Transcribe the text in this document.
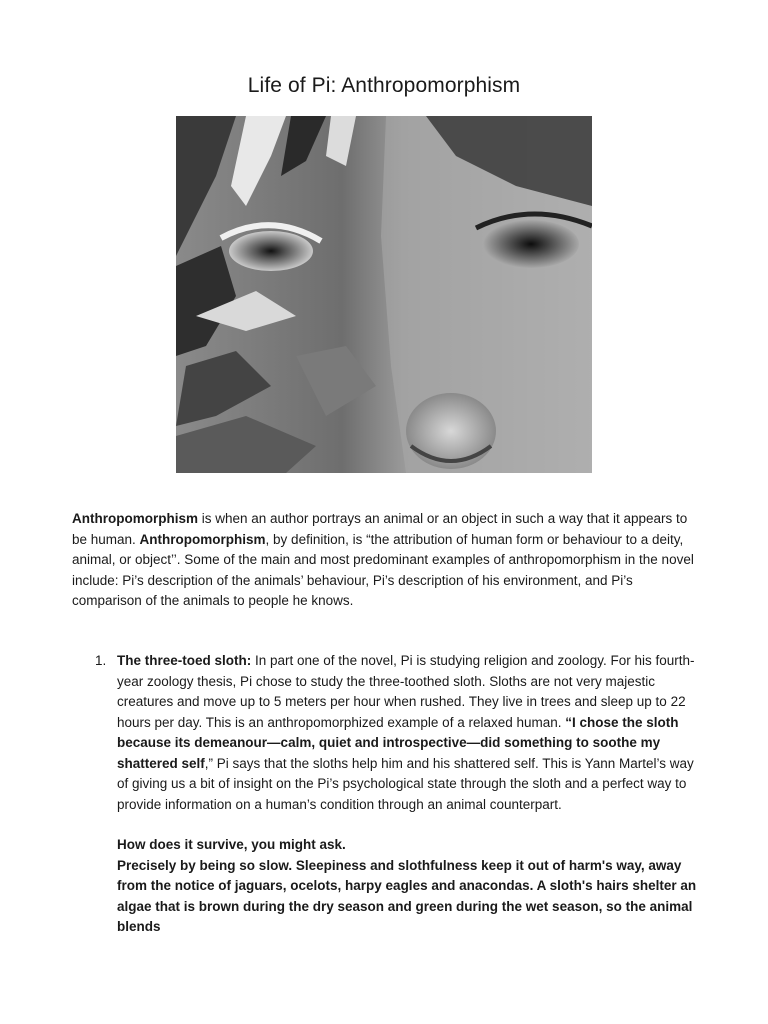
Life of Pi: Anthropomorphism

Anthropomorphism is when an author portrays an animal or an object in such a way that it appears to be human. Anthropomorphism, by definition, is “the attribution of human form or behaviour to a deity, animal, or object’’. Some of the main and most predominant examples of anthropomorphism in the novel include: Pi’s description of the animals’ behaviour, Pi’s description of his environment, and Pi’s comparison of the animals to people he knows.

1. The three-toed sloth: In part one of the novel, Pi is studying religion and zoology. For his fourth-year zoology thesis, Pi chose to study the three-toothed sloth. Sloths are not very majestic creatures and move up to 5 meters per hour when rushed. They live in trees and sleep up to 22 hours per day. This is an anthropomorphized example of a relaxed human. “I chose the sloth because its demeanour—calm, quiet and introspective—did something to soothe my shattered self,” Pi says that the sloths help him and his shattered self. This is Yann Martel’s way of giving us a bit of insight on the Pi’s psychological state through the sloth and a perfect way to provide information on a human’s condition through an animal counterpart.

How does it survive, you might ask.

Precisely by being so slow. Sleepiness and slothfulness keep it out of harm's way, away from the notice of jaguars, ocelots, harpy eagles and anacondas. A sloth's hairs shelter an algae that is brown during the dry season and green during the wet season, so the animal blends
